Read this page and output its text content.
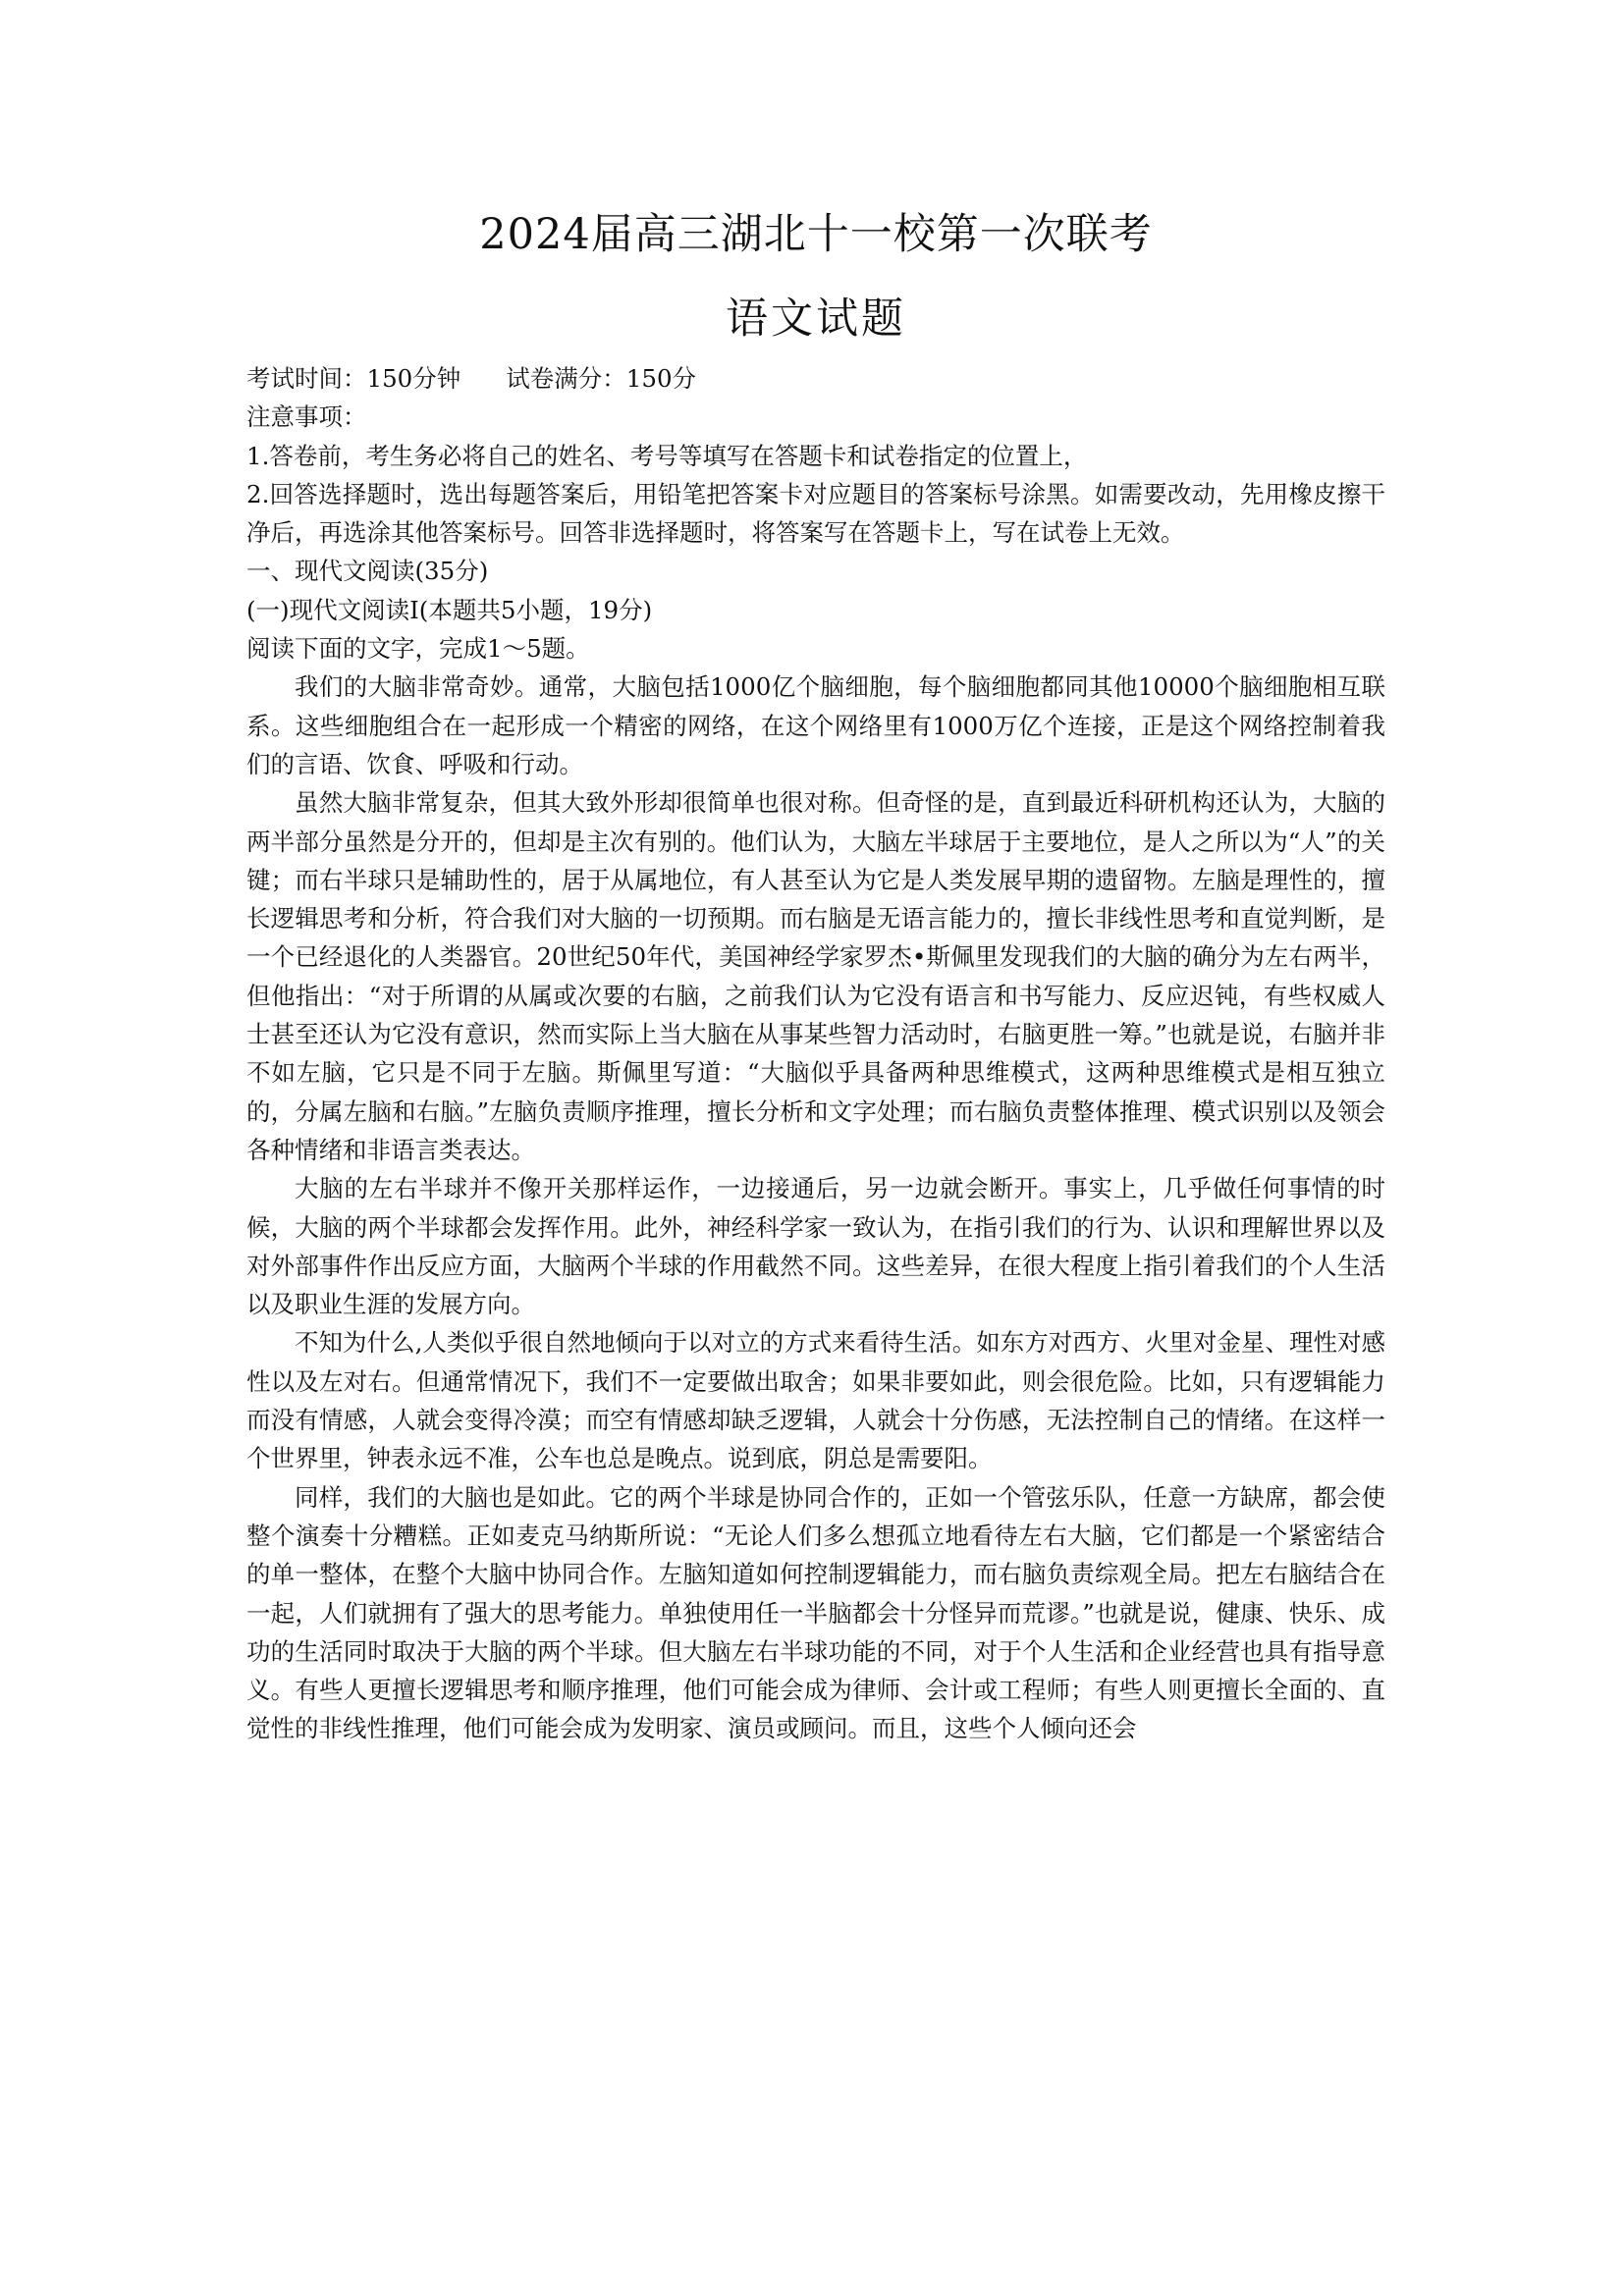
2024届高三湖北十一校第一次联考
语文试题

考试时间：150分钟 试卷满分：150分

注意事项：

1.答卷前，考生务必将自己的姓名、考号等填写在答题卡和试卷指定的位置上，

2.回答选择题时，选出每题答案后，用铅笔把答案卡对应题目的答案标号涂黑。如需要改动，先用橡皮擦干净后，再选涂其他答案标号。回答非选择题时，将答案写在答题卡上，写在试卷上无效。

一、现代文阅读(35分)

(一)现代文阅读Ⅰ(本题共5小题，19分)

阅读下面的文字，完成1～5题。

我们的大脑非常奇妙。通常，大脑包括1000亿个脑细胞，每个脑细胞都同其他10000个脑细胞相互联系。这些细胞组合在一起形成一个精密的网络，在这个网络里有1000万亿个连接，正是这个网络控制着我们的言语、饮食、呼吸和行动。

虽然大脑非常复杂，但其大致外形却很简单也很对称。但奇怪的是，直到最近科研机构还认为，大脑的两半部分虽然是分开的，但却是主次有别的。他们认为，大脑左半球居于主要地位，是人之所以为“人”的关键；而右半球只是辅助性的，居于从属地位，有人甚至认为它是人类发展早期的遗留物。左脑是理性的，擅长逻辑思考和分析，符合我们对大脑的一切预期。而右脑是无语言能力的，擅长非线性思考和直觉判断，是一个已经退化的人类器官。20世纪50年代，美国神经学家罗杰•斯佩里发现我们的大脑的确分为左右两半，但他指出：“对于所谓的从属或次要的右脑，之前我们认为它没有语言和书写能力、反应迟钝，有些权威人士甚至还认为它没有意识，然而实际上当大脑在从事某些智力活动时，右脑更胜一筹。”也就是说，右脑并非不如左脑，它只是不同于左脑。斯佩里写道：“大脑似乎具备两种思维模式，这两种思维模式是相互独立的，分属左脑和右脑。”左脑负责顺序推理，擅长分析和文字处理；而右脑负责整体推理、模式识别以及领会各种情绪和非语言类表达。

大脑的左右半球并不像开关那样运作，一边接通后，另一边就会断开。事实上，几乎做任何事情的时候，大脑的两个半球都会发挥作用。此外，神经科学家一致认为，在指引我们的行为、认识和理解世界以及对外部事件作出反应方面，大脑两个半球的作用截然不同。这些差异，在很大程度上指引着我们的个人生活以及职业生涯的发展方向。

不知为什么,人类似乎很自然地倾向于以对立的方式来看待生活。如东方对西方、火里对金星、理性对感性以及左对右。但通常情况下，我们不一定要做出取舍；如果非要如此，则会很危险。比如，只有逻辑能力而没有情感，人就会变得冷漠；而空有情感却缺乏逻辑，人就会十分伤感，无法控制自己的情绪。在这样一个世界里，钟表永远不准，公车也总是晚点。说到底，阴总是需要阳。

同样，我们的大脑也是如此。它的两个半球是协同合作的，正如一个管弦乐队，任意一方缺席，都会使整个演奏十分糟糕。正如麦克马纳斯所说：“无论人们多么想孤立地看待左右大脑，它们都是一个紧密结合的单一整体，在整个大脑中协同合作。左脑知道如何控制逻辑能力，而右脑负责综观全局。把左右脑结合在一起，人们就拥有了强大的思考能力。单独使用任一半脑都会十分怪异而荒谬。”也就是说，健康、快乐、成功的生活同时取决于大脑的两个半球。但大脑左右半球功能的不同，对于个人生活和企业经营也具有指导意义。有些人更擅长逻辑思考和顺序推理，他们可能会成为律师、会计或工程师；有些人则更擅长全面的、直觉性的非线性推理，他们可能会成为发明家、演员或顾问。而且，这些个人倾向还会
